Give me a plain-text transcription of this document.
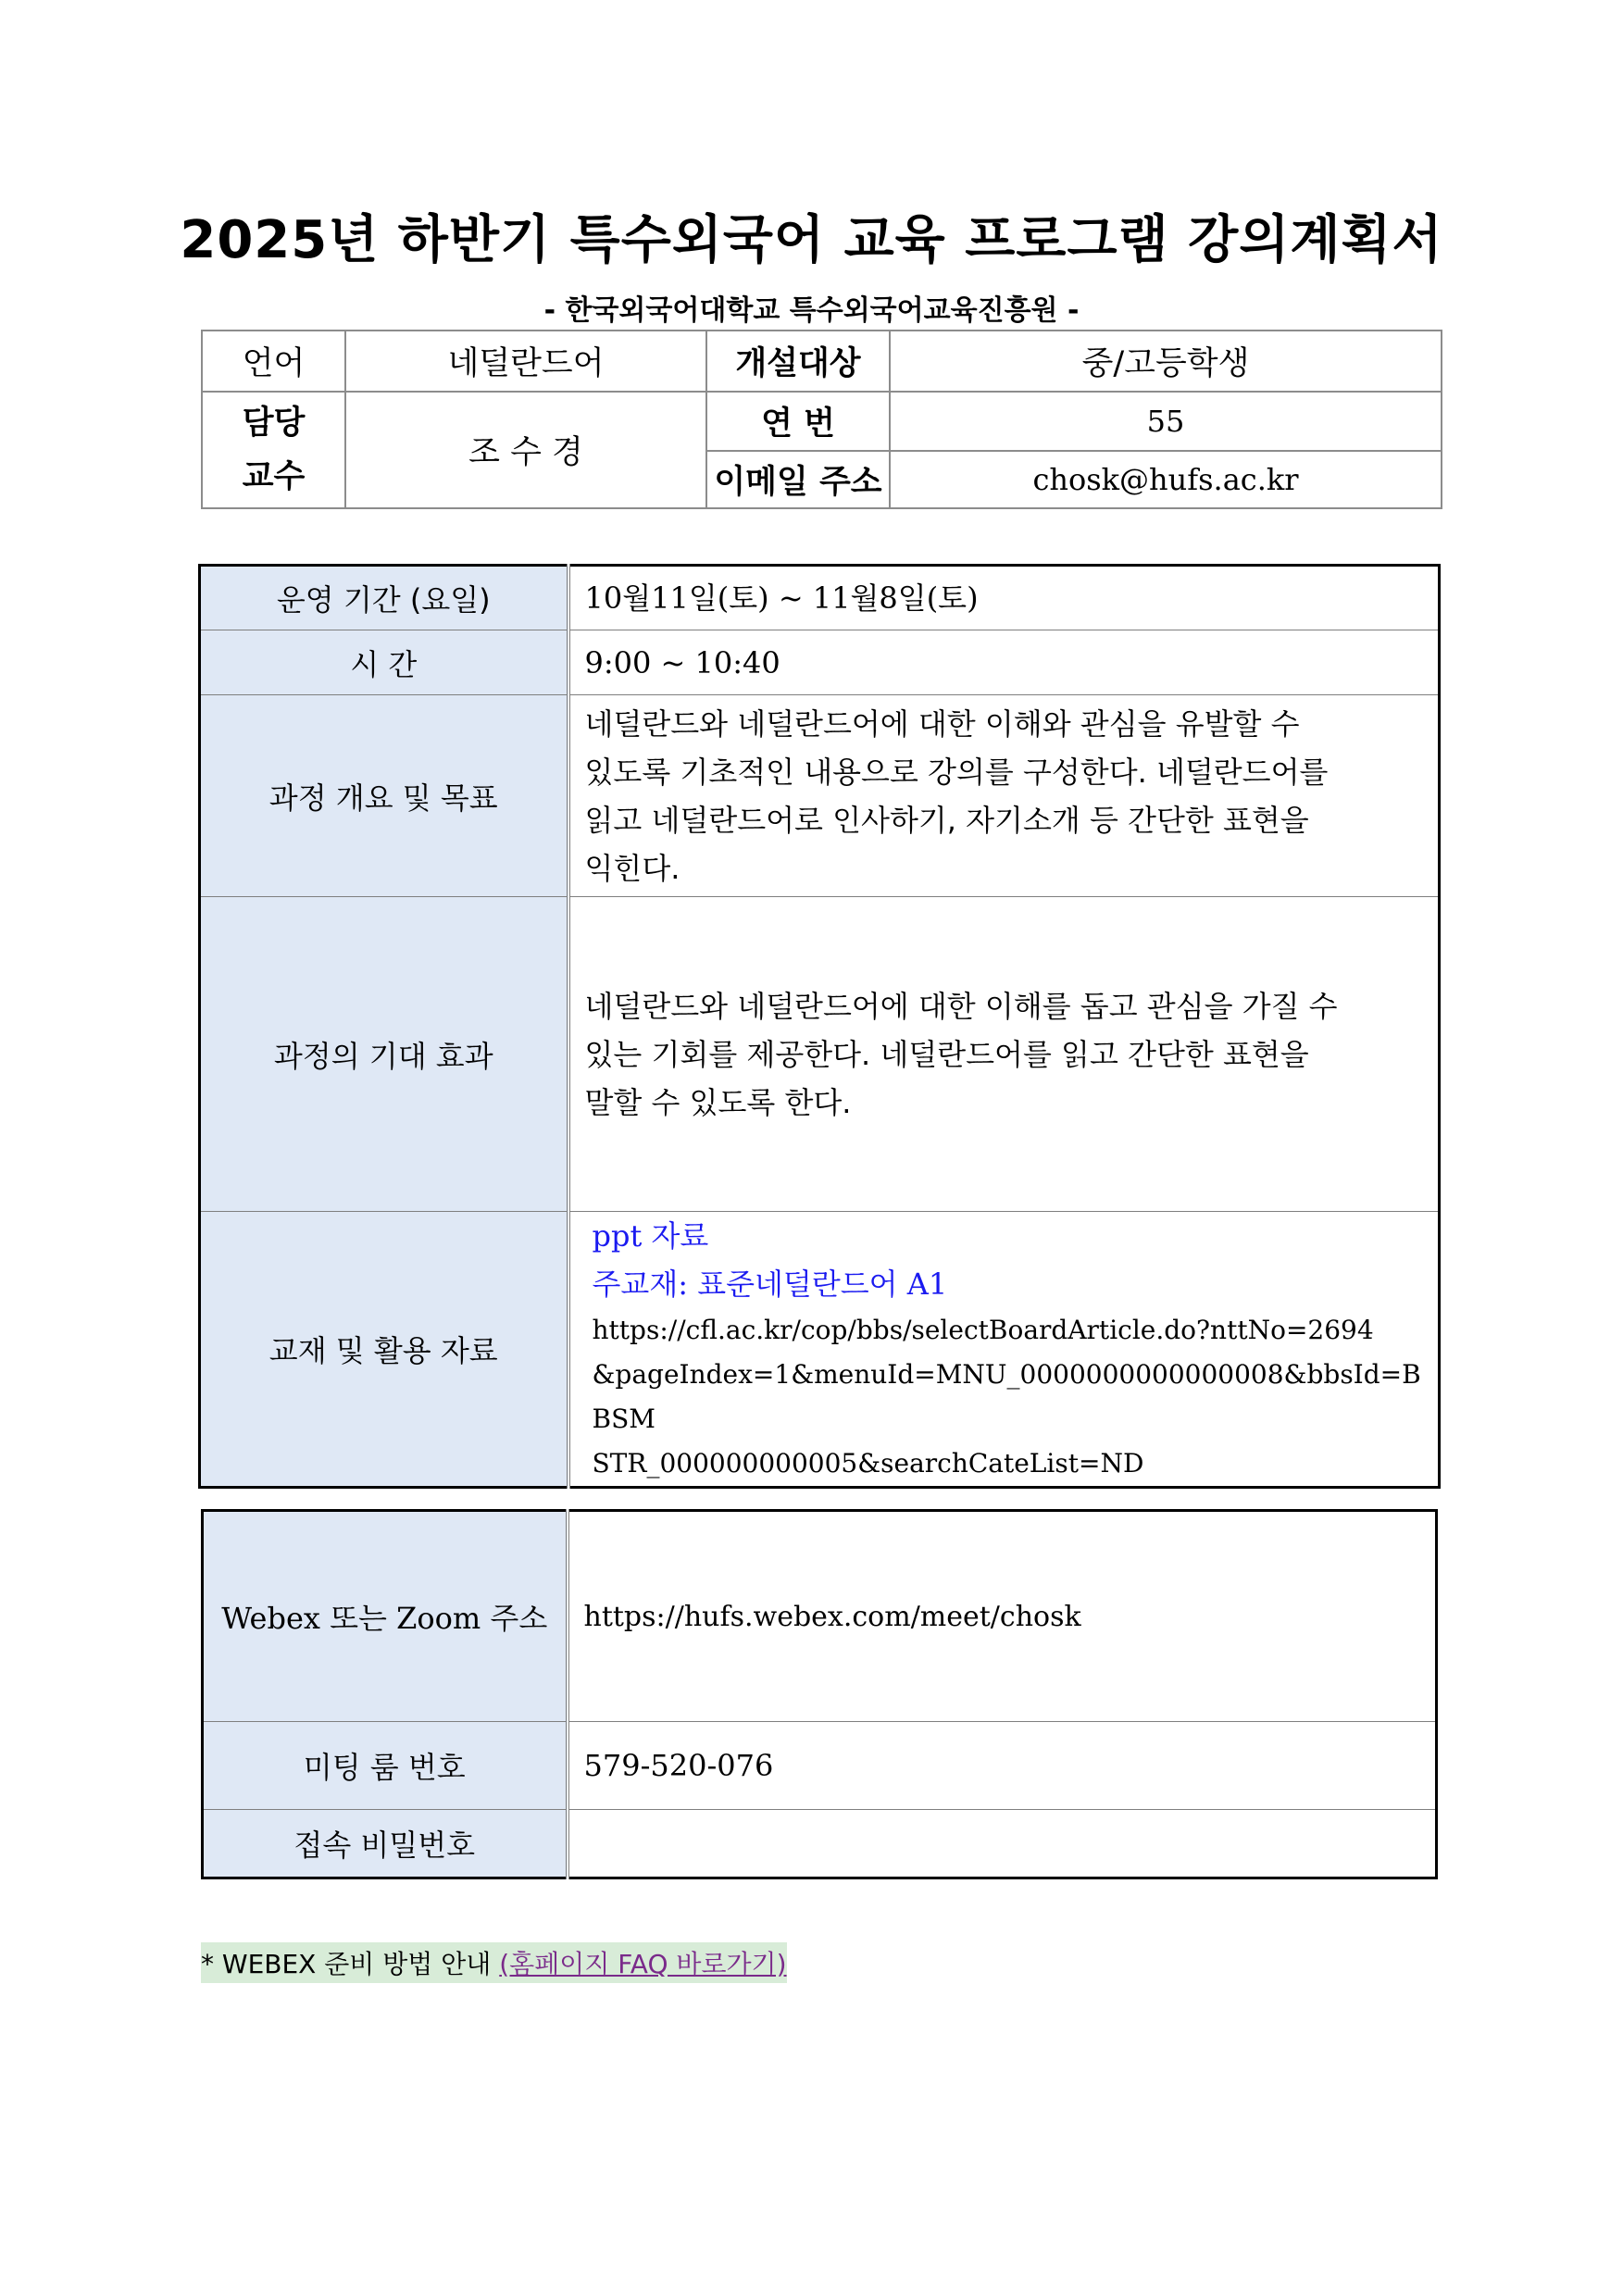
2025년 하반기 특수외국어 교육 프로그램 강의계획서
- 한국외국어대학교 특수외국어교육진흥원 -
언어	네덜란드어	개설대상	중/고등학생

담당
교수	조 수 경	연 번	55
		이메일 주소	chosk@hufs.ac.kr
운영 기간 (요일)	10월11일(토) ~ 11월8일(토)
시 간	9:00 ~ 10:40
과정 개요 및 목표	네덜란드와 네덜란드어에 대한 이해와 관심을 유발할 수
있도록 기초적인 내용으로 강의를 구성한다. 네덜란드어를
읽고 네덜란드어로 인사하기, 자기소개 등 간단한 표현을
익힌다.

과정의 기대 효과	네덜란드와 네덜란드어에 대한 이해를 돕고 관심을 가질 수
있는 기회를 제공한다. 네덜란드어를 읽고 간단한 표현을
말할 수 있도록 한다.

교재 및 활용 자료	ppt 자료
주교재: 표준네덜란드어 A1
https://cfl.ac.kr/cop/bbs/selectBoardArticle.do?nttNo=2694
&pageIndex=1&menuId=MNU_0000000000000008&bbsId=BBSM
STR_000000000005&searchCateList=ND
Webex 또는 Zoom 주소	https://hufs.webex.com/meet/chosk
미팅 룸 번호	579-520-076
접속 비밀번호	
* WEBEX 준비 방법 안내 (홈페이지 FAQ 바로가기)
